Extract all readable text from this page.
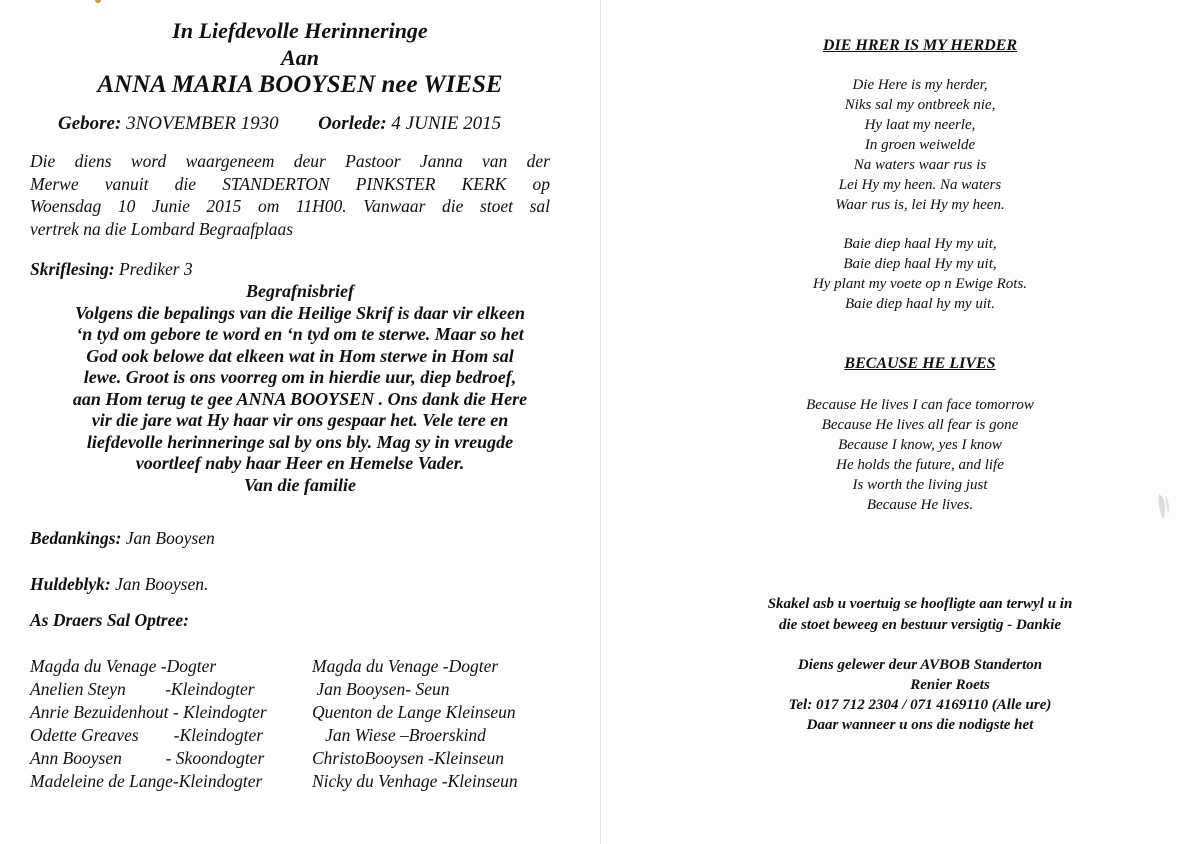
In Liefdevolle Herinneringe
Aan
ANNA MARIA BOOYSEN nee WIESE
Gebore: 3NOVEMBER 1930 Oorlede: 4 JUNIE 2015
Die diens word waargeneem deur Pastoor Janna van der
Merwe vanuit die STANDERTON PINKSTER KERK op
Woensdag 10 Junie 2015 om 11H00. Vanwaar die stoet sal
vertrek na die Lombard Begraafplaas
Skriflesing: Prediker 3
Begrafnisbrief
Volgens die bepalings van die Heilige Skrif is daar vir elkeen
‘n tyd om gebore te word en ‘n tyd om te sterwe. Maar so het
God ook belowe dat elkeen wat in Hom sterwe in Hom sal
lewe. Groot is ons voorreg om in hierdie uur, diep bedroef,
aan Hom terug te gee ANNA BOOYSEN . Ons dank die Here
vir die jare wat Hy haar vir ons gespaar het. Vele tere en
liefdevolle herinneringe sal by ons bly. Mag sy in vreugde
voortleef naby haar Heer en Hemelse Vader.
Van die familie
Bedankings: Jan Booysen
Huldeblyk: Jan Booysen.
As Draers Sal Optree:
Magda du Venage -Dogter	Magda du Venage -Dogter
Anelien Steyn         -Kleindogter	Jan Booysen- Seun
Anrie Bezuidenhout - Kleindogter	Quenton de Lange Kleinseun
Odette Greaves        -Kleindogter	Jan Wiese –Broerskind
Ann Booysen          - Skoondogter	ChristoBooysen -Kleinseun
Madeleine de Lange-Kleindogter	Nicky du Venhage -Kleinseun
DIE HRER IS MY HERDER
Die Here is my herder,
Niks sal my ontbreek nie,
Hy laat my neerle,
In groen weiwelde
Na waters waar rus is
Lei Hy my heen. Na waters
Waar rus is, lei Hy my heen.
Baie diep haal Hy my uit,
Baie diep haal Hy my uit,
Hy plant my voete op n Ewige Rots.
Baie diep haal hy my uit.
BECAUSE HE LIVES
Because He lives I can face tomorrow
Because He lives all fear is gone
Because I know, yes I know
He holds the future, and life
Is worth the living just
Because He lives.
Skakel asb u voertuig se hoofligte aan terwyl u in
die stoet beweeg en bestuur versigtig - Dankie
Diens gelewer deur AVBOB Standerton
Renier Roets
Tel: 017 712 2304 / 071 4169110 (Alle ure)
Daar wanneer u ons die nodigste het
